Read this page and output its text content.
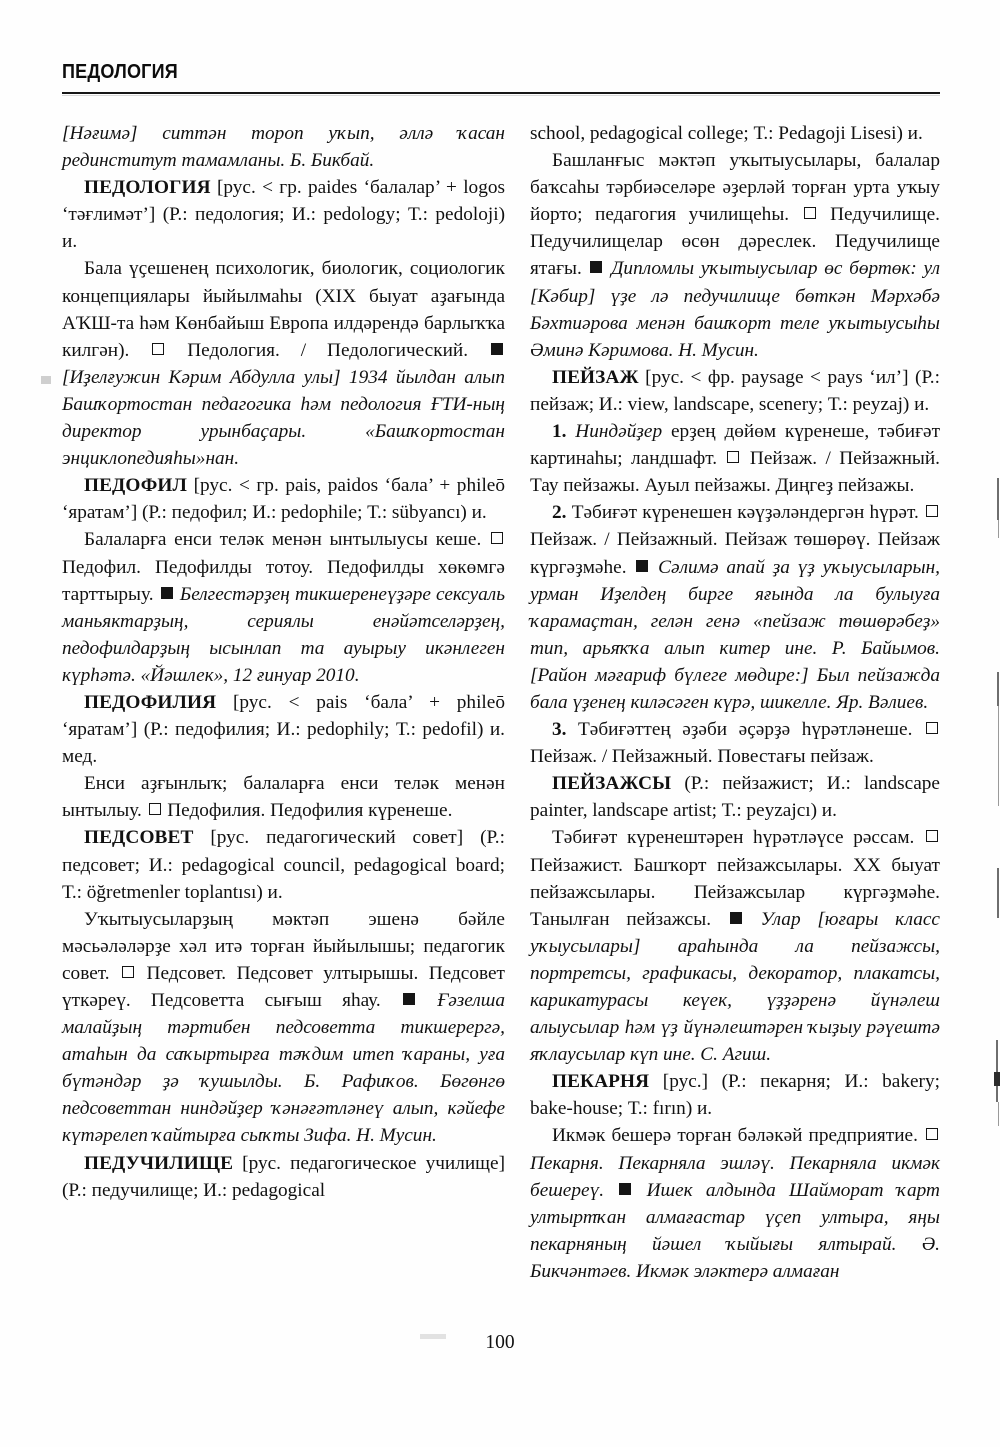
ПЕДОЛОГИЯ

[Нәғимә] ситтән тороп уҡып, әллә ҡасан рединститут тамамланы. Б. Бикбай.

ПЕДОЛОГИЯ [рус. < гр. paides ‘балалар’ + logos ‘тәғлимәт’] (Р.: педология; И.: pedology; Т.: pedoloji) и.

Бала үҫешенең психологик, биологик, социологик концепциялары йыйылмаһы (XIX быуат аҙағында АҠШ-та һәм Көнбайыш Европа илдәрендә барлыҡҡа килгән).	Педология. / Педологический.  [Иҙелғужин Кәрим Абдулла улы] 1934 йылдан алып Башҡортостан педагогика һәм педология ҒТИ-ның директор урынбаҫары. «Башҡортостан энциклопедияһы»нан.

ПЕДОФИЛ [рус. < гр. pais, paidos ‘бала’ + phileō ‘яратам’] (Р.: педофил; И.: pedophile; Т.: sübyancı) и.

Балаларға енси теләк менән ынтылыусы кеше.  Педофил. Педофилды тотоу. Педофилды хөкөмгә тарттырыу. Белгестәрҙең тикшеренеүҙәре сексуаль маньяктарҙың, сериялы енәйәтселәрҙең, педофилдарҙың ысынлап та ауырыу икәнлеген күрһәтә. «Йәшлек», 12 ғинуар 2010.

ПЕДОФИЛИЯ [рус. < pais ‘бала’ + phileō ‘яратам’] (Р.: педофилия; И.: pedophily; Т.: pedofil) и. мед.

Енси аҙғынлыҡ; балаларға енси теләк менән ынтылыу. Педофилия. Педофилия күренеше.

ПЕДСОВЕТ [рус. педагогический совет] (Р.: педсовет; И.: pedagogical council, pedagogical board; Т.: öğretmenler toplantısı) и.

Уҡытыусыларҙың мәктәп эшенә бәйле мәсьәләләрҙе хәл итә торған йыйылышы; педагогик совет. Педсовет. Педсовет ултырышы. Педсовет үткәреү. Педсоветта сығыш яһау.	Ғәзелша малайҙың тәртибен педсоветта тикшерергә, атаһын да саҡыртырға тәҡдим итеп ҡараны, уға бүтәндәр ҙә ҡушылды. Б. Рафиҡов. Бөгөнгө педсоветтан ниндәйҙер ҡәнәғәтләнеү алып, кәйефе күтәрелеп ҡайтырға сыҡты Зифа. Н. Мусин.

ПЕДУЧИЛИЩЕ [рус. педагогическое училище] (Р.: педучилище; И.: pedagogical

school, pedagogical college; Т.: Pedagoji Lisesi) и.

Башланғыс мәктәп уҡытыусылары, балалар баҡсаһы тәрбиәселәре әҙерләй торған урта уҡыу йорто; педагогия училищеһы. Педучилище. Педучилищелар өсөн дәреслек. Педучилище ятағы. Дипломлы уҡытыусылар өс бөртөк: ул [Кәбир] үҙе лә педучилище бөткән Мәрхәбә Бәхтиәрова менән башҡорт теле уҡытыусыһы Әминә Кәримова. Н. Мусин.

ПЕЙЗАЖ [рус. < фр. paysage < pays ‘ил’] (Р.: пейзаж; И.: view, landscape, scenery; Т.: peyzaj) и.

1. Ниндәйҙер ерҙең дөйөм күренеше, тәбиғәт картинаһы; ландшафт. Пейзаж. / Пейзажный. Тау пейзажы. Ауыл пейзажы. Диңгеҙ пейзажы.

2. Тәбиғәт күренешен кәүҙәләндергән һүрәт.  Пейзаж. / Пейзажный. Пейзаж төшөрөү. Пейзаж күргәҙмәһе. Сәлимә апай ҙа үҙ уҡыусыларын, урман Иҙелдең бирге яғында ла булыуға ҡарамаҫтан, гелән генә «пейзаж төшөрәбеҙ» тип, арьяҡҡа алып китер ине. Р. Байымов. [Район мәғариф бүлеге мөдире:] Был пейзажда бала үҙенең киләсәген күрә, шикелле. Яр. Вәлиев.

3. Тәбиғәттең әҙәби әҫәрҙә һүрәтләнеше.  Пейзаж. / Пейзажный. Повестағы пейзаж.

ПЕЙЗАЖСЫ (Р.: пейзажист; И.: landscape painter, landscape artist; Т.: peyzajcı) и.

Тәбиғәт күренештәрен һүрәтләүсе рәссам.  Пейзажист. Башҡорт пейзажсылары. ХХ быуат пейзажсылары. Пейзажсылар күргәҙмәһе. Танылған пейзажсы.	Улар [юғары класс уҡыусылары] араһында ла пейзажсы, портретсы, графикасы, декоратор, плакатсы, карикатурасы кеүек, үҙҙәренә йүнәлеш алыусылар һәм үҙ йүнәлештәрен ҡыҙыу рәүештә яҡлаусылар күп ине. С. Агиш.

ПЕКАРНЯ [рус.] (Р.: пекарня; И.: bakery; bake-house; Т.: fırın) и.

Икмәк бешерә торған бәләкәй предприятие.  Пекарня. Пекарняла эшләү. Пекарняла икмәк бешереү. Ишек алдында Шайморат ҡарт ултыртҡан алмағастар үҫеп ултыра, яңы пекарняның йәшел ҡыйығы ялтырай. Ә. Бикчәнтәев. Икмәк эләктерә алмаған

100
